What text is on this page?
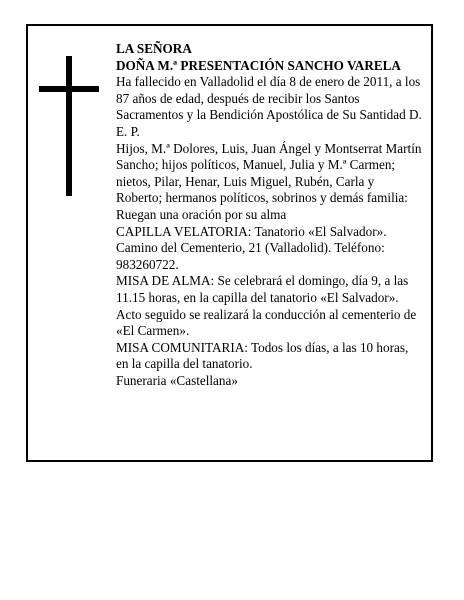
LA SEÑORA
DOÑA M.ª PRESENTACIÓN SANCHO VARELA
Ha fallecido en Valladolid el día 8 de enero de 2011, a los 87 años de edad, después de recibir los Santos Sacramentos y la Bendición Apostólica de Su Santidad D. E. P.
Hijos, M.ª Dolores, Luis, Juan Ángel y Montserrat Martín Sancho; hijos políticos, Manuel, Julia y M.ª Carmen; nietos, Pilar, Henar, Luis Miguel, Rubén, Carla y Roberto; hermanos políticos, sobrinos y demás familia:
Ruegan una oración por su alma
CAPILLA VELATORIA: Tanatorio «El Salvador». Camino del Cementerio, 21 (Valladolid). Teléfono: 983260722.
MISA DE ALMA: Se celebrará el domingo, día 9, a las 11.15 horas, en la capilla del tanatorio «El Salvador». Acto seguido se realizará la conducción al cementerio de «El Carmen».
MISA COMUNITARIA: Todos los días, a las 10 horas, en la capilla del tanatorio.
Funeraria «Castellana»
